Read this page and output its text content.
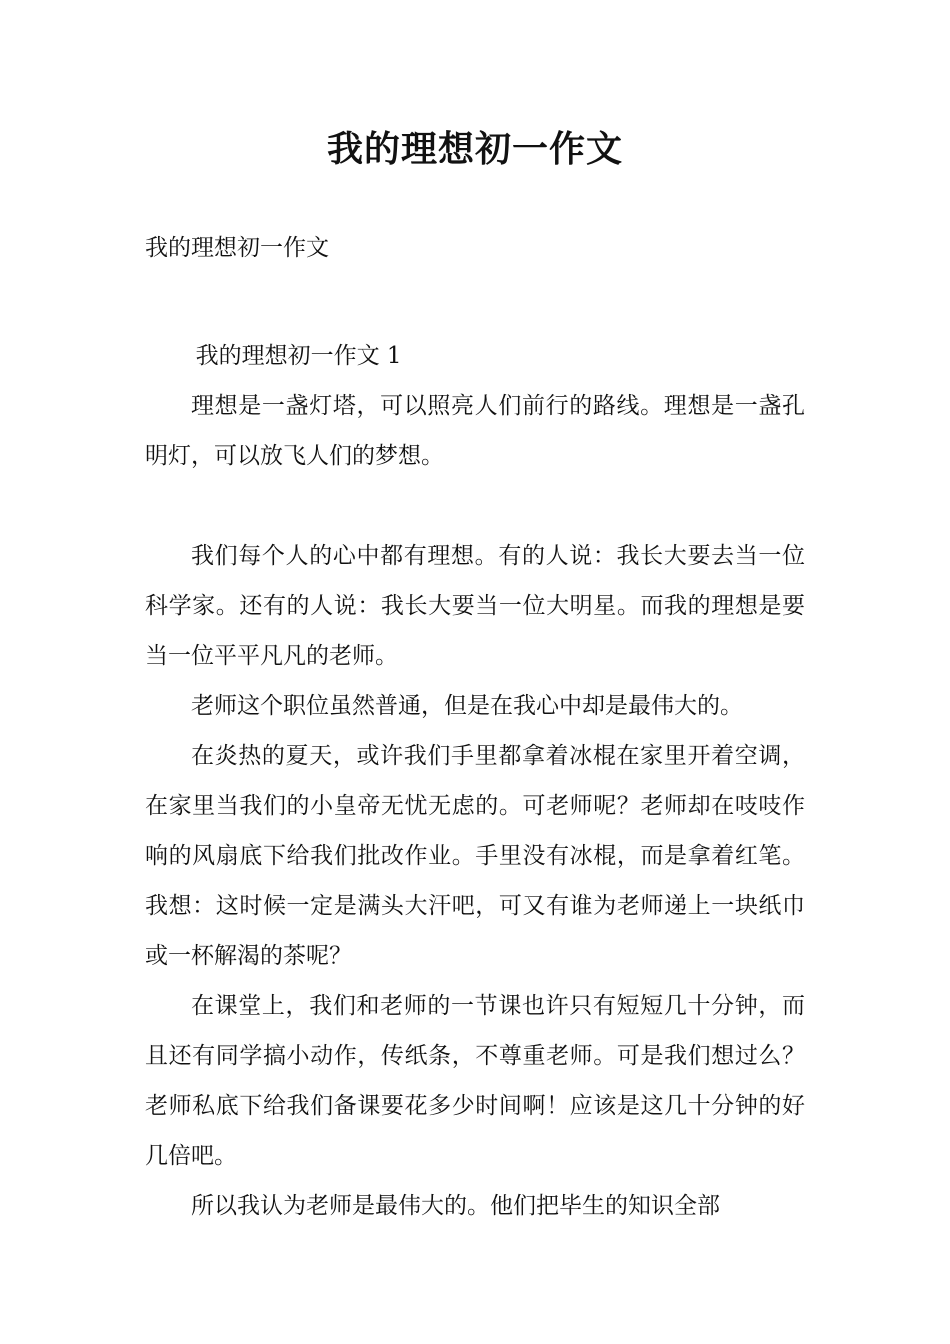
我的理想初一作文
我的理想初一作文

我的理想初一作文 1

理想是一盏灯塔，可以照亮人们前行的路线。理想是一盏孔明灯，可以放飞人们的梦想。

我们每个人的心中都有理想。有的人说：我长大要去当一位科学家。还有的人说：我长大要当一位大明星。而我的理想是要当一位平平凡凡的老师。

老师这个职位虽然普通，但是在我心中却是最伟大的。

在炎热的夏天，或许我们手里都拿着冰棍在家里开着空调，在家里当我们的小皇帝无忧无虑的。可老师呢？老师却在吱吱作响的风扇底下给我们批改作业。手里没有冰棍，而是拿着红笔。我想：这时候一定是满头大汗吧，可又有谁为老师递上一块纸巾或一杯解渴的茶呢？

在课堂上，我们和老师的一节课也许只有短短几十分钟，而且还有同学搞小动作，传纸条，不尊重老师。可是我们想过么？老师私底下给我们备课要花多少时间啊！应该是这几十分钟的好几倍吧。

所以我认为老师是最伟大的。他们把毕生的知识全部
